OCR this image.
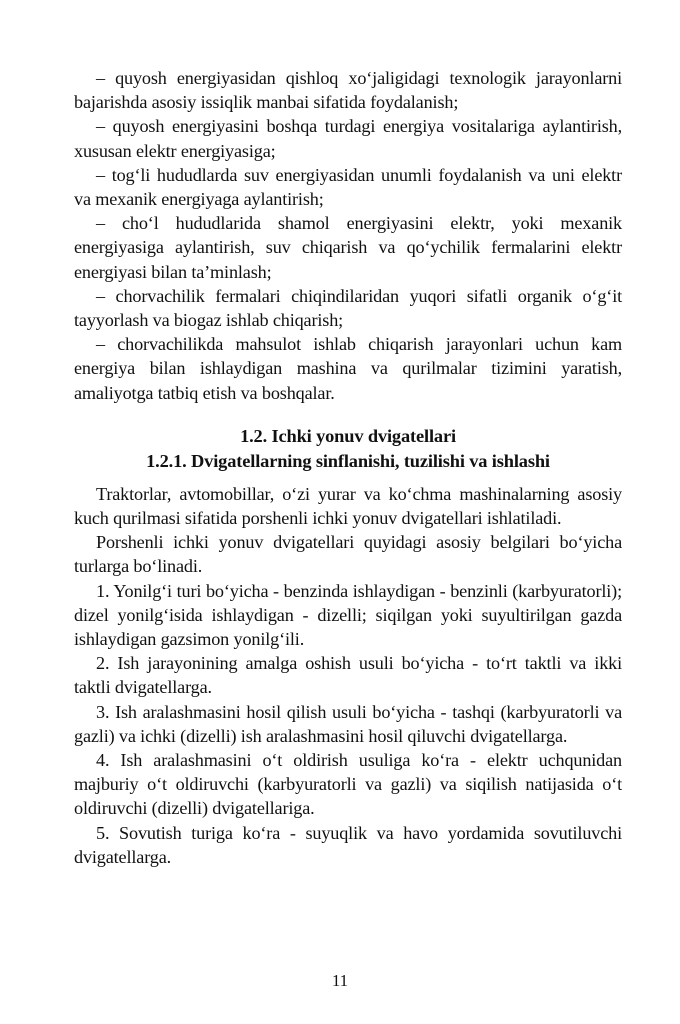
– quyosh energiyasidan qishloq xo‘jaligidagi texnologik jarayonlarni bajarishda asosiy issiqlik manbai sifatida foydalanish;

– quyosh energiyasini boshqa turdagi energiya vositalariga aylantirish, xususan elektr energiyasiga;

– tog‘li hududlarda suv energiyasidan unumli foydalanish va uni elektr va mexanik energiyaga aylantirish;

– cho‘l hududlarida shamol energiyasini elektr, yoki mexanik energiyasiga aylantirish, suv chiqarish va qo‘ychilik fermalarini elektr energiyasi bilan ta’minlash;

– chorvachilik fermalari chiqindilaridan yuqori sifatli organik o‘g‘it tayyorlash va biogaz ishlab chiqarish;

– chorvachilikda mahsulot ishlab chiqarish jarayonlari uchun kam energiya bilan ishlaydigan mashina va qurilmalar tizimini yaratish, amaliyotga tatbiq etish va boshqalar.

1.2. Ichki yonuv dvigatellari

1.2.1. Dvigatellarning sinflanishi, tuzilishi va ishlashi

Traktorlar, avtomobillar, o‘zi yurar va ko‘chma mashinalarning asosiy kuch qurilmasi sifatida porshenli ichki yonuv dvigatellari ishlatiladi.

Porshenli ichki yonuv dvigatellari quyidagi asosiy belgilari bo‘yicha turlarga bo‘linadi.

1. Yonilg‘i turi bo‘yicha - benzinda ishlaydigan - benzinli (karbyuratorli); dizel yonilg‘isida ishlaydigan - dizelli; siqilgan yoki suyultirilgan gazda ishlaydigan gazsimon yonilg‘ili.

2. Ish jarayonining amalga oshish usuli bo‘yicha - to‘rt taktli va ikki taktli dvigatellarga.

3. Ish aralashmasini hosil qilish usuli bo‘yicha - tashqi (karbyuratorli va gazli) va ichki (dizelli) ish aralashmasini hosil qiluvchi dvigatellarga.

4. Ish aralashmasini o‘t oldirish usuliga ko‘ra - elektr uchqunidan majburiy o‘t oldiruvchi (karbyuratorli va gazli) va siqilish natijasida o‘t oldiruvchi (dizelli) dvigatellariga.

5. Sovutish turiga ko‘ra - suyuqlik va havo yordamida sovutiluvchi dvigatellarga.

11
